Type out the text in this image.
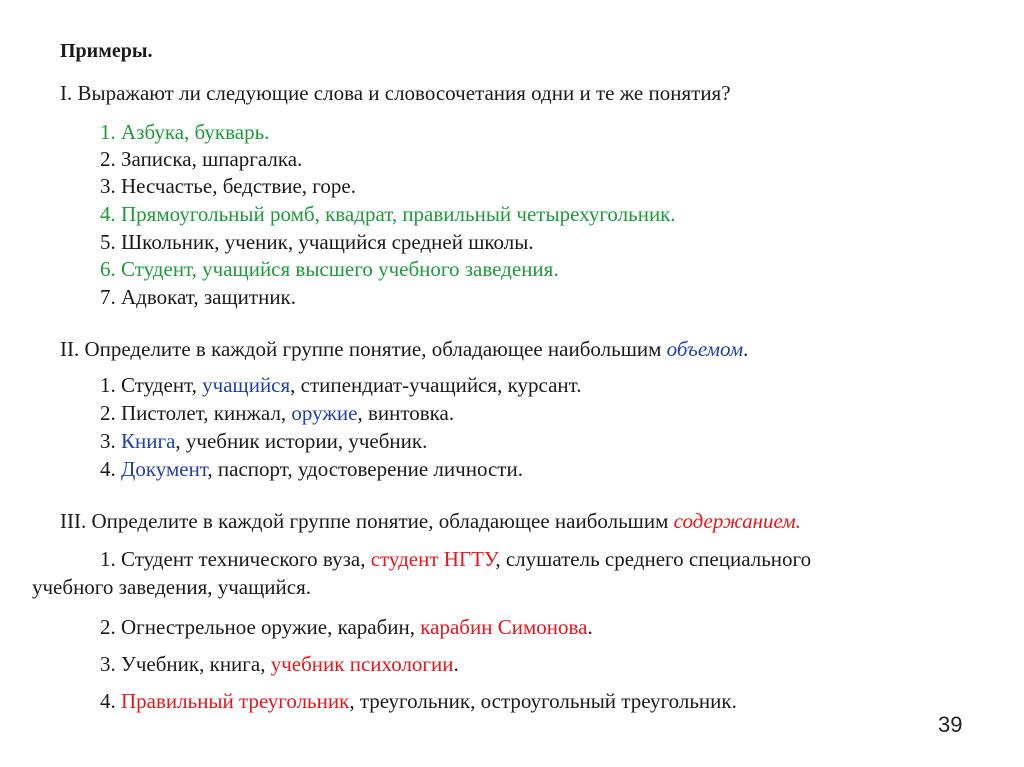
Примеры.
I. Выражают ли следующие слова и словосочетания одни и те же понятия?
1. Азбука, букварь.
2. Записка, шпаргалка.
3. Несчастье, бедствие, горе.
4. Прямоугольный ромб, квадрат, правильный четырехугольник.
5. Школьник, ученик, учащийся средней школы.
6. Студент, учащийся высшего учебного заведения.
7. Адвокат, защитник.
II. Определите в каждой группе понятие, обладающее наибольшим объемом.
1. Студент, учащийся, стипендиат-учащийся, курсант.
2. Пистолет, кинжал, оружие, винтовка.
3. Книга, учебник истории, учебник.
4. Документ, паспорт, удостоверение личности.
III. Определите в каждой группе понятие, обладающее наибольшим содержанием.
1. Студент технического вуза, студент НГТУ, слушатель среднего специального
учебного заведения, учащийся.
2. Огнестрельное оружие, карабин, карабин Симонова.
3. Учебник, книга, учебник психологии.
4. Правильный треугольник, треугольник, остроугольный треугольник.
39
